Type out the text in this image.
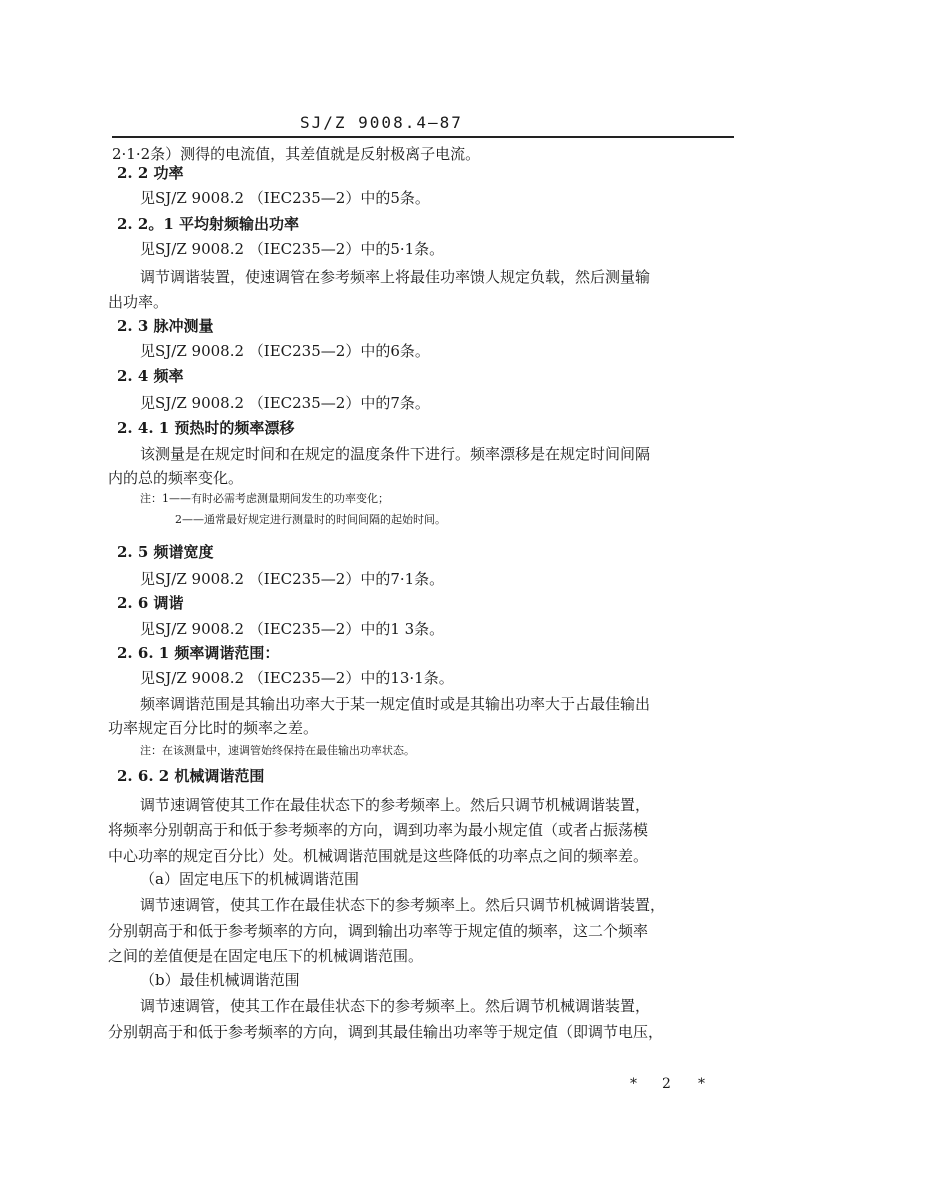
SJ/Z 9008.4—87
2·1·2条）测得的电流值，其差值就是反射极离子电流。
2. 2 功率
见SJ/Z 9008.2 （IEC235—2）中的5条。
2. 2。1 平均射频输出功率
见SJ/Z 9008.2 （IEC235—2）中的5·1条。
调节调谐装置，使速调管在参考频率上将最佳功率馈人规定负载，然后测量输
出功率。
2. 3 脉冲测量
见SJ/Z 9008.2 （IEC235—2）中的6条。
2. 4 频率
见SJ/Z 9008.2 （IEC235—2）中的7条。
2. 4. 1 预热时的频率漂移
该测量是在规定时间和在规定的温度条件下进行。频率漂移是在规定时间间隔
内的总的频率变化。
注：1——有时必需考虑测量期间发生的功率变化；
2——通常最好规定进行测量时的时间间隔的起始时间。
2. 5 频谱宽度
见SJ/Z 9008.2 （IEC235—2）中的7·1条。
2. 6 调谐
见SJ/Z 9008.2 （IEC235—2）中的1 3条。
2. 6. 1 频率调谐范围：
见SJ/Z 9008.2 （IEC235—2）中的13·1条。
频率调谐范围是其输出功率大于某一规定值时或是其输出功率大于占最佳输出
功率规定百分比时的频率之差。
注：在该测量中，速调管始终保持在最佳输出功率状态。
2. 6. 2 机械调谐范围
调节速调管使其工作在最佳状态下的参考频率上。然后只调节机械调谐装置，
将频率分别朝高于和低于参考频率的方向，调到功率为最小规定值（或者占振荡模
中心功率的规定百分比）处。机械调谐范围就是这些降低的功率点之间的频率差。
（a）固定电压下的机械调谐范围
调节速调管，使其工作在最佳状态下的参考频率上。然后只调节机械调谐装置，
分别朝高于和低于参考频率的方向，调到输出功率等于规定值的频率，这二个频率
之间的差值便是在固定电压下的机械调谐范围。
（b）最佳机械调谐范围
调节速调管，使其工作在最佳状态下的参考频率上。然后调节机械调谐装置，
分别朝高于和低于参考频率的方向，调到其最佳输出功率等于规定值（即调节电压，
* 2 *
